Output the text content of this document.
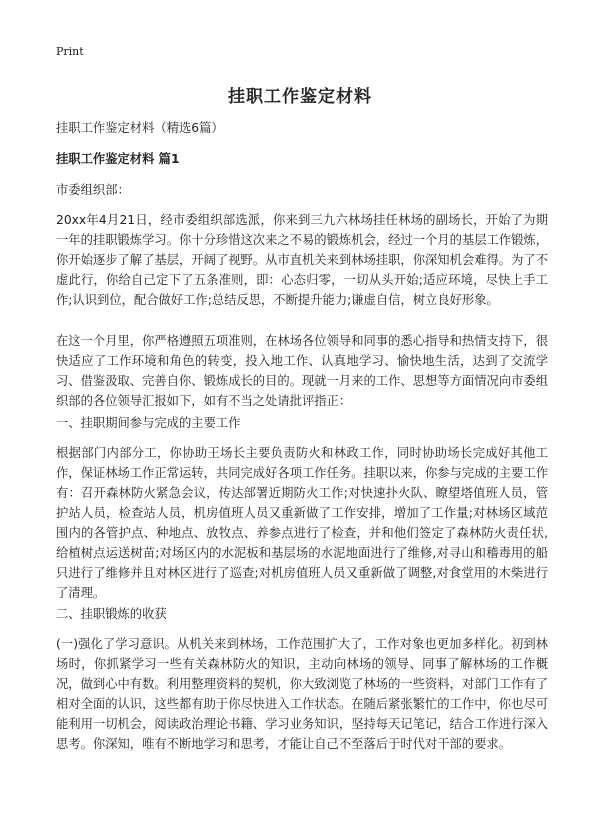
Print
挂职工作鉴定材料

挂职工作鉴定材料（精选6篇）

挂职工作鉴定材料 篇1

市委组织部：

20xx年4月21日，经市委组织部选派，你来到三九六林场挂任林场的副场长，开始了为期一年的挂职锻炼学习。你十分珍惜这次来之不易的锻炼机会，经过一个月的基层工作锻炼，你开始逐步了解了基层，开阔了视野。从市直机关来到林场挂职，你深知机会难得。为了不虚此行，你给自己定下了五条准则，即：心态归零，一切从头开始;适应环境，尽快上手工作;认识到位，配合做好工作;总结反思，不断提升能力;谦虚自信，树立良好形象。

在这一个月里，你严格遵照五项准则，在林场各位领导和同事的悉心指导和热情支持下，很快适应了工作环境和角色的转变，投入地工作、认真地学习、愉快地生活，达到了交流学习、借鉴汲取、完善自你、锻炼成长的目的。现就一月来的工作、思想等方面情况向市委组织部的各位领导汇报如下，如有不当之处请批评指正：

一、挂职期间参与完成的主要工作

根据部门内部分工，你协助王场长主要负责防火和林政工作，同时协助场长完成好其他工作，保证林场工作正常运转，共同完成好各项工作任务。挂职以来，你参与完成的主要工作有：召开森林防火紧急会议，传达部署近期防火工作;对快速扑火队、瞭望塔值班人员，管护站人员，检查站人员，机房值班人员又重新做了工作安排，增加了工作量;对林场区域范围内的各管护点、种地点、放牧点、养参点进行了检查，并和他们签定了森林防火责任状,给植树点运送树苗;对场区内的水泥板和基层场的水泥地面进行了维修,对寻山和稽毒用的船只进行了维修并且对林区进行了巡查;对机房值班人员又重新做了调整,对食堂用的木柴进行了清理。

二、挂职锻炼的收获

(一)强化了学习意识。从机关来到林场，工作范围扩大了，工作对象也更加多样化。初到林场时，你抓紧学习一些有关森林防火的知识，主动向林场的领导、同事了解林场的工作概况，做到心中有数。利用整理资料的契机，你大致浏览了林场的一些资料，对部门工作有了相对全面的认识，这些都有助于你尽快进入工作状态。在随后紧张繁忙的工作中，你也尽可能利用一切机会，阅读政治理论书籍、学习业务知识，坚持每天记笔记，结合工作进行深入思考。你深知，唯有不断地学习和思考，才能让自己不至落后于时代对干部的要求。
